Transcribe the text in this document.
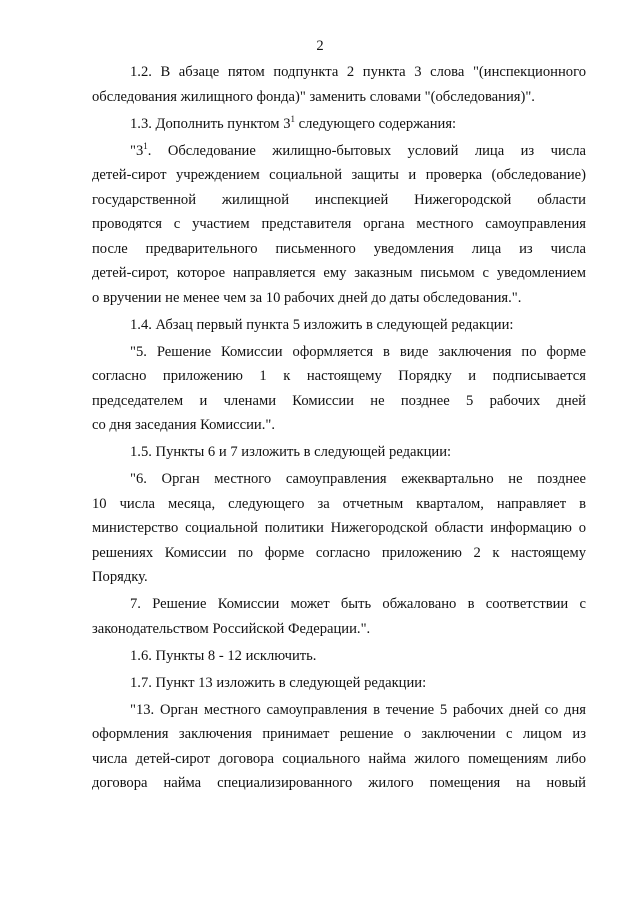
2
1.2. В абзаце пятом подпункта 2 пункта 3 слова "(инспекционного
обследования жилищного фонда)" заменить словами "(обследования)".
1.3. Дополнить пунктом $3^1$ следующего содержания:
"$3^1$. Обследование жилищно-бытовых условий лица из числа
детей-сирот учреждением социальной защиты и проверка (обследование)
государственной жилищной инспекцией Нижегородской области
проводятся с участием представителя органа местного самоуправления
после предварительного письменного уведомления лица из числа
детей-сирот, которое направляется ему заказным письмом с уведомлением
о вручении не менее чем за 10 рабочих дней до даты обследования.".
1.4. Абзац первый пункта 5 изложить в следующей редакции:
"5. Решение Комиссии оформляется в виде заключения по форме
согласно приложению 1 к настоящему Порядку и подписывается
председателем и членами Комиссии не позднее 5 рабочих дней
со дня заседания Комиссии.".
1.5. Пункты 6 и 7 изложить в следующей редакции:
"6. Орган местного самоуправления ежеквартально не позднее
10 числа месяца, следующего за отчетным кварталом, направляет в
министерство социальной политики Нижегородской области информацию о
решениях Комиссии по форме согласно приложению 2 к настоящему
Порядку.
7. Решение Комиссии может быть обжаловано в соответствии с
законодательством Российской Федерации.".
1.6. Пункты 8 - 12 исключить.
1.7. Пункт 13 изложить в следующей редакции:
"13. Орган местного самоуправления в течение 5 рабочих дней со дня
оформления заключения принимает решение о заключении с лицом из
числа детей-сирот договора социального найма жилого помещениям либо
договора найма специализированного жилого помещения на новый
